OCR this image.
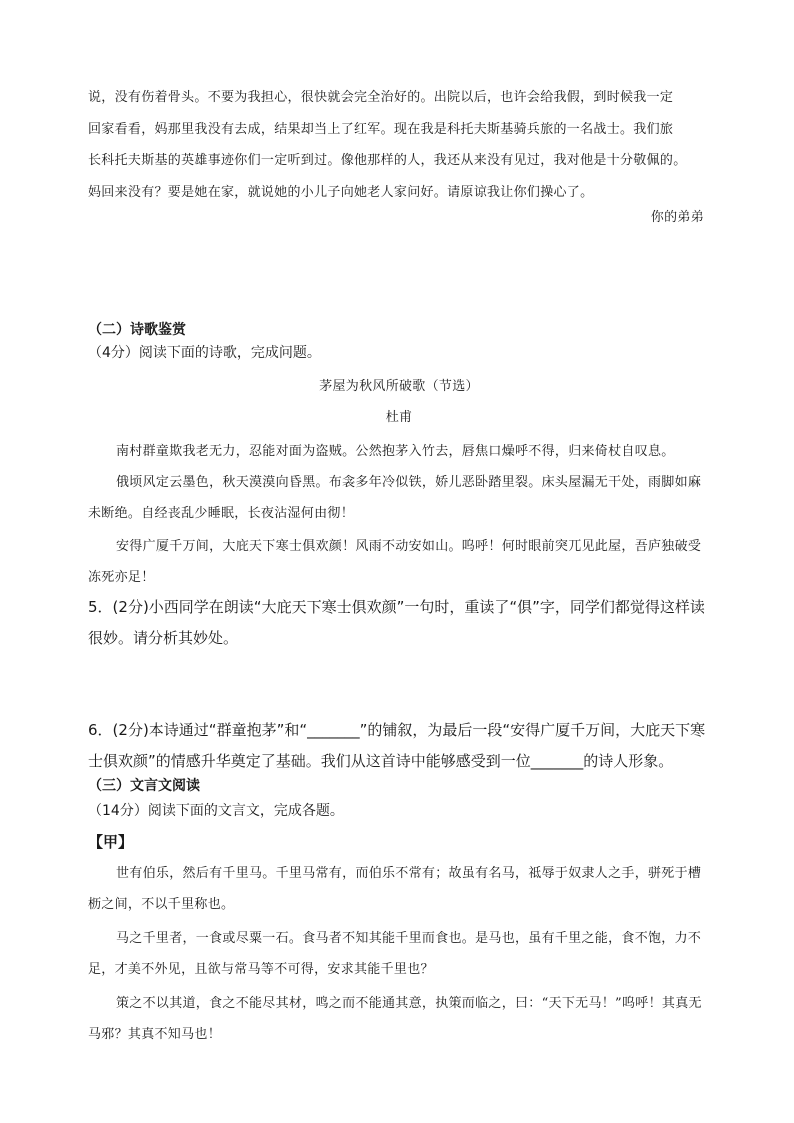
说，没有伤着骨头。不要为我担心，很快就会完全治好的。出院以后，也许会给我假，到时候我一定

回家看看，妈那里我没有去成，结果却当上了红军。现在我是科托夫斯基骑兵旅的一名战士。我们旅

长科托夫斯基的英雄事迹你们一定听到过。像他那样的人，我还从来没有见过，我对他是十分敬佩的。

妈回来没有？要是她在家，就说她的小儿子向她老人家问好。请原谅我让你们操心了。

你的弟弟
（二）诗歌鉴赏
（4分）阅读下面的诗歌，完成问题。
茅屋为秋风所破歌（节选）
杜甫

南村群童欺我老无力，忍能对面为盗贼。公然抱茅入竹去，唇焦口燥呼不得，归来倚杖自叹息。

俄顷风定云墨色，秋天漠漠向昏黑。布衾多年冷似铁，娇儿恶卧踏里裂。床头屋漏无干处，雨脚如麻未断绝。自经丧乱少睡眠，长夜沾湿何由彻！

安得广厦千万间，大庇天下寒士俱欢颜！风雨不动安如山。呜呼！何时眼前突兀见此屋，吾庐独破受冻死亦足！

5．(2分)小西同学在朗读“大庇天下寒士俱欢颜”一句时，重读了“俱”字，同学们都觉得这样读很妙。请分析其妙处。
6．(2分)本诗通过“群童抱茅”和“_______”的铺叙，为最后一段“安得广厦千万间，大庇天下寒士俱欢颜”的情感升华奠定了基础。我们从这首诗中能够感受到一位_______的诗人形象。
（三）文言文阅读
（14分）阅读下面的文言文，完成各题。
【甲】

世有伯乐，然后有千里马。千里马常有，而伯乐不常有；故虽有名马，祗辱于奴隶人之手，骈死于槽枥之间，不以千里称也。

马之千里者，一食或尽粟一石。食马者不知其能千里而食也。是马也，虽有千里之能，食不饱，力不足，才美不外见，且欲与常马等不可得，安求其能千里也？

策之不以其道，食之不能尽其材，鸣之而不能通其意，执策而临之，曰：“天下无马！”呜呼！其真无马邪？其真不知马也！
